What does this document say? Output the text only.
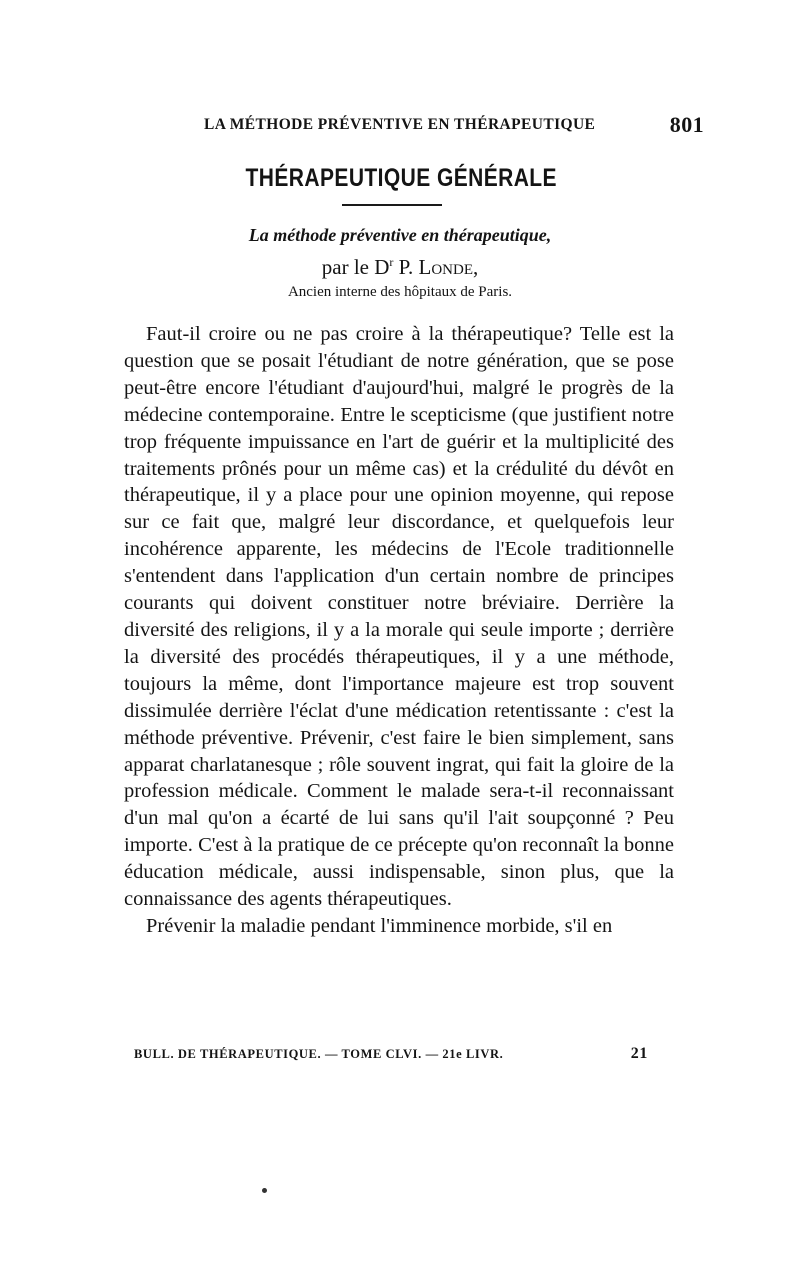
LA MÉTHODE PRÉVENTIVE EN THÉRAPEUTIQUE	801
THÉRAPEUTIQUE GÉNÉRALE
La méthode préventive en thérapeutique,
par le $D^r$ P. Londe,
Ancien interne des hôpitaux de Paris.

Faut-il croire ou ne pas croire à la thérapeutique? Telle est la question que se posait l'étudiant de notre génération, que se pose peut-être encore l'étudiant d'aujourd'hui, malgré le progrès de la médecine contemporaine. Entre le scepticisme (que justifient notre trop fréquente impuissance en l'art de guérir et la multiplicité des traitements prônés pour un même cas) et la crédulité du dévôt en thérapeutique, il y a place pour une opinion moyenne, qui repose sur ce fait que, malgré leur discordance, et quelquefois leur incohérence apparente, les médecins de l'Ecole traditionnelle s'entendent dans l'application d'un certain nombre de principes courants qui doivent constituer notre bréviaire. Derrière la diversité des religions, il y a la morale qui seule importe ; derrière la diversité des procédés thérapeutiques, il y a une méthode, toujours la même, dont l'importance majeure est trop souvent dissimulée derrière l'éclat d'une médication retentissante : c'est la méthode préventive. Prévenir, c'est faire le bien simplement, sans apparat charlatanesque ; rôle souvent ingrat, qui fait la gloire de la profession médicale. Comment le malade sera-t-il reconnaissant d'un mal qu'on a écarté de lui sans qu'il l'ait soupçonné ? Peu importe. C'est à la pratique de ce précepte qu'on reconnaît la bonne éducation médicale, aussi indispensable, sinon plus, que la connaissance des agents thérapeutiques.

Prévenir la maladie pendant l'imminence morbide, s'il en

BULL. DE THÉRAPEUTIQUE. — TOME CLVI. — 21e LIVR.	21
